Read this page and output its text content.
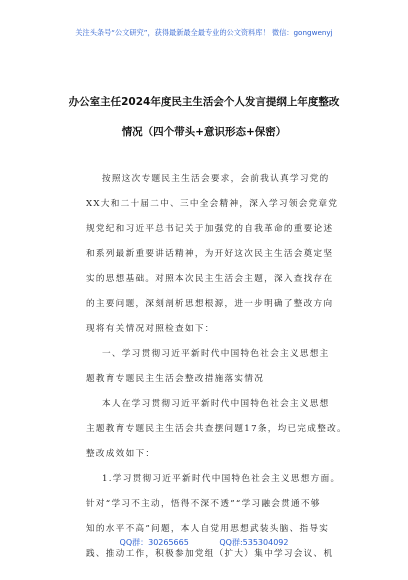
关注头条号“公文研究”，获得最新最全最专业的公文资料库！ 微信：gongwenyj
办公室主任2024年度民主生活会个人发言提纲上年度整改
情况（四个带头+意识形态+保密）
按照这次专题民主生活会要求，会前我认真学习党的
XX大和二十届二中、三中全会精神，深入学习领会党章党
规党纪和习近平总书记关于加强党的自我革命的重要论述
和系列最新重要讲话精神，为开好这次民主生活会奠定坚
实的思想基础。对照本次民主生活会主题，深入查找存在
的主要问题，深刻剖析思想根源，进一步明确了整改方向
现将有关情况对照检查如下：
一、学习贯彻习近平新时代中国特色社会主义思想主
题教育专题民主生活会整改措施落实情况
本人在学习贯彻习近平新时代中国特色社会主义思想
主题教育专题民主生活会共查摆问题17条，均已完成整改。
整改成效如下：
1.学习贯彻习近平新时代中国特色社会主义思想方面。
针对“学习不主动，悟得不深不透”“学习融会贯通不够
知的水平不高”问题，本人自觉用思想武装头脑、指导实
践、推动工作，积极参加党组（扩大）集中学习会议、机
QQ群：30265665	QQ群:535304092
